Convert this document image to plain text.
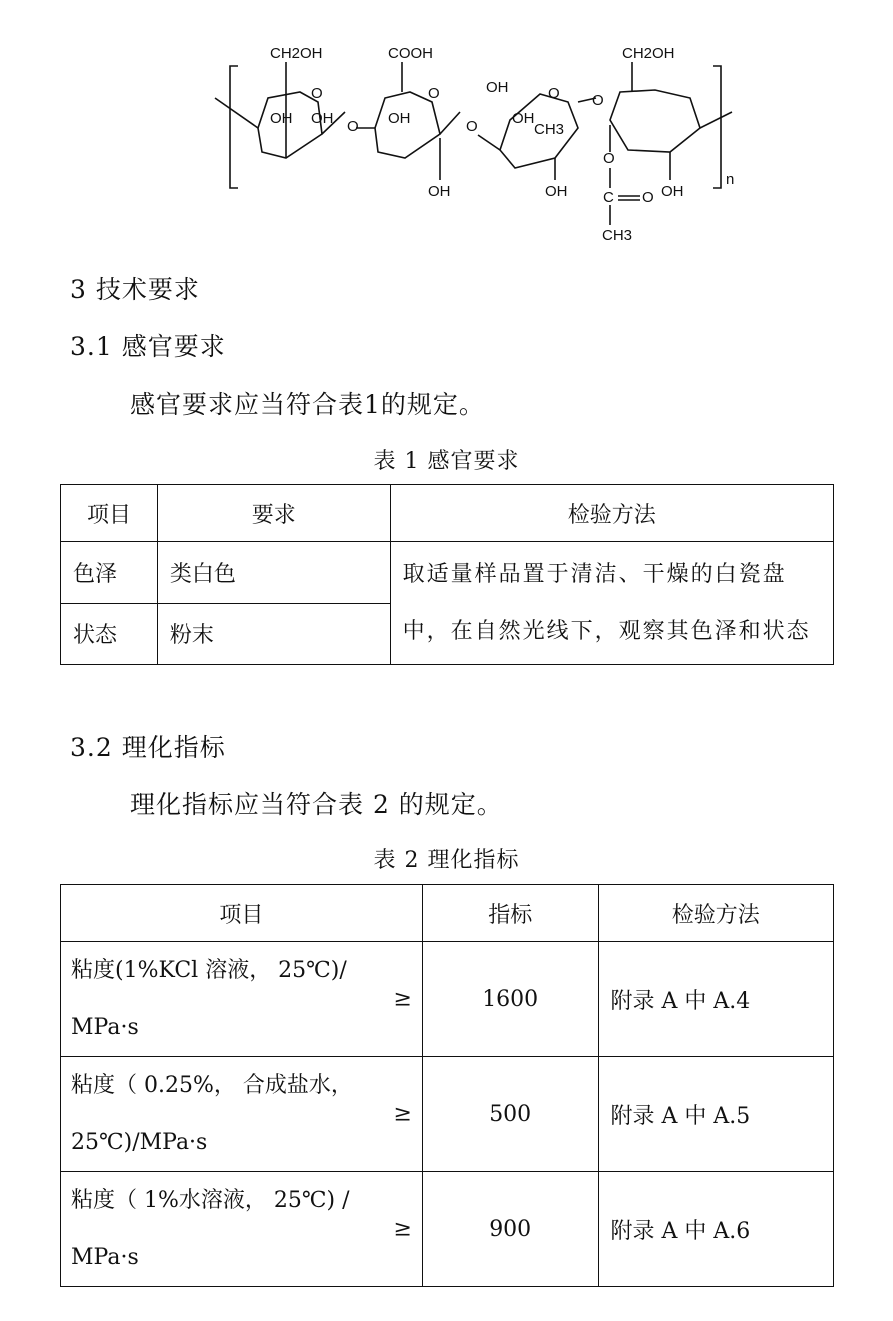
CH2OH	COOH	CH2OH
O
O
O
O
O O
OH OH	OH
OH
OH	OH	OH
CH3
O
C O
CH3
OH
n
3 技术要求
3.1 感官要求
感官要求应当符合表1的规定。
表 1 感官要求
项目	要求	检验方法
色泽	类白色	取适量样品置于清洁、干燥的白瓷盘
中，在自然光线下，观察其色泽和状态

状态	粉末	
3.2 理化指标
理化指标应当符合表 2 的规定。
表 2 理化指标
项目	指标	检验方法

粘度(1%KCl 溶液， 25℃)/
MPa·s
≥	1600	附录 A 中 A.4

粘度（ 0.25%， 合成盐水，
25℃)/MPa·s
≥	500	附录 A 中 A.5

粘度（ 1%水溶液， 25℃) /
MPa·s
≥	900	附录 A 中 A.6
